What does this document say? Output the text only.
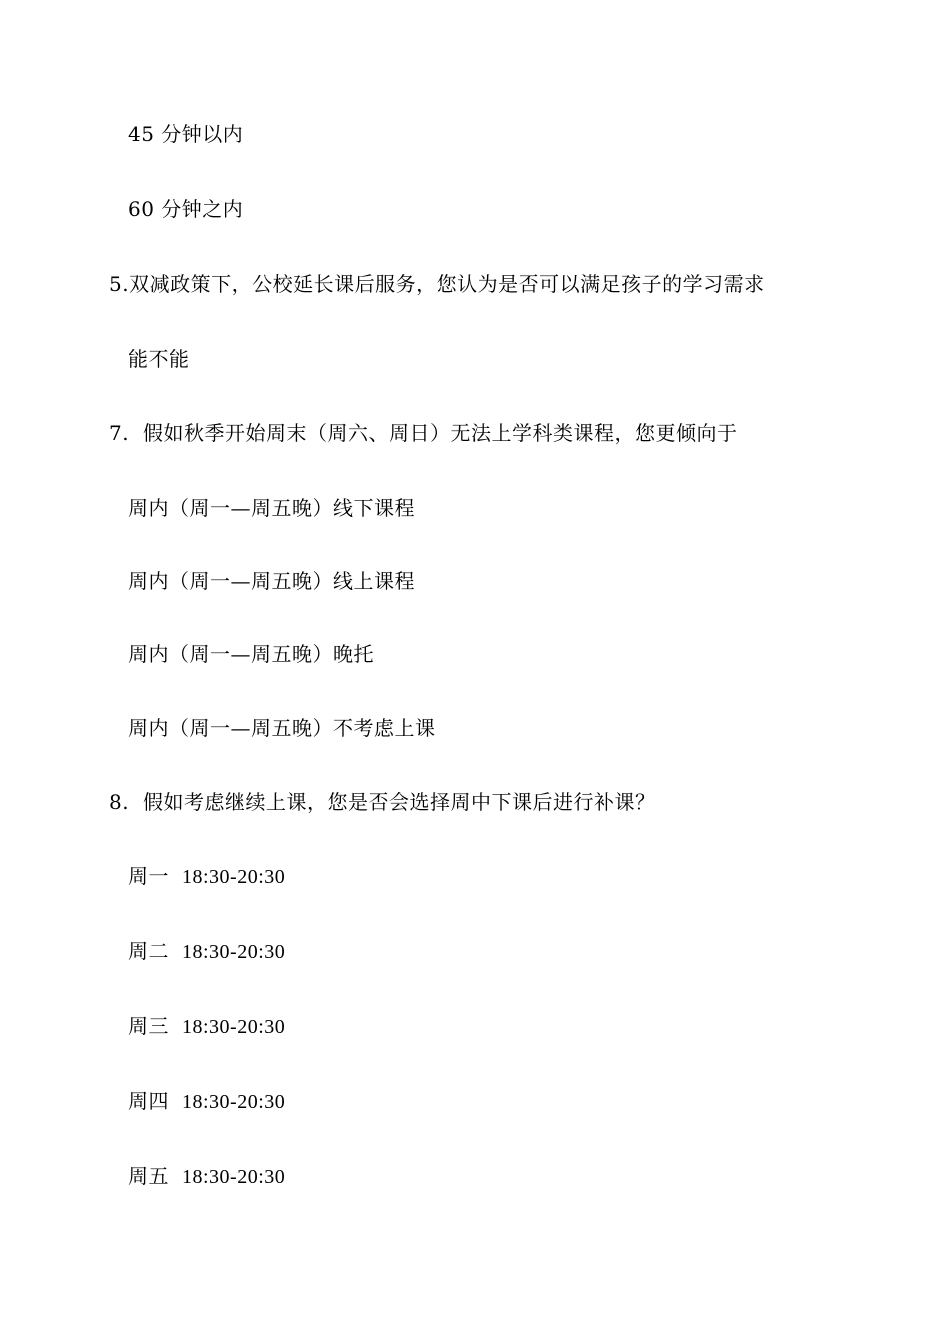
45 分钟以内
60 分钟之内
5.双减政策下，公校延长课后服务，您认为是否可以满足孩子的学习需求
能不能
7. 假如秋季开始周末（周六、周日）无法上学科类课程，您更倾向于
周内（周一—周五晚）线下课程
周内（周一—周五晚）线上课程
周内（周一—周五晚）晚托
周内（周一—周五晚）不考虑上课
8. 假如考虑继续上课，您是否会选择周中下课后进行补课？
周一 18:30-20:30
周二 18:30-20:30
周三 18:30-20:30
周四 18:30-20:30
周五 18:30-20:30
